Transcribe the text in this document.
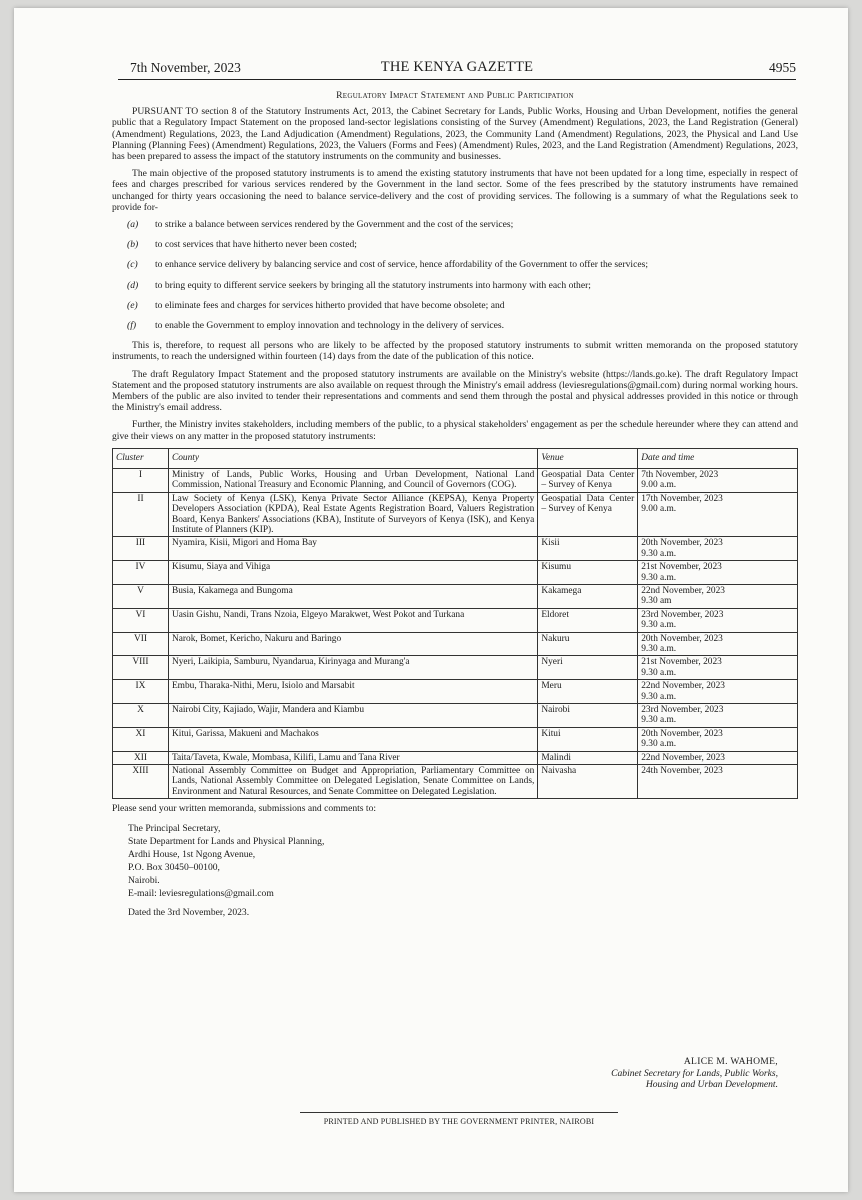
7th November, 2023	THE KENYA GAZETTE	4955
Regulatory Impact Statement and Public Participation

PURSUANT TO section 8 of the Statutory Instruments Act, 2013, the Cabinet Secretary for Lands, Public Works, Housing and Urban Development, notifies the general public that a Regulatory Impact Statement on the proposed land-sector legislations consisting of the Survey (Amendment) Regulations, 2023, the Land Registration (General) (Amendment) Regulations, 2023, the Land Adjudication (Amendment) Regulations, 2023, the Community Land (Amendment) Regulations, 2023, the Physical and Land Use Planning (Planning Fees) (Amendment) Regulations, 2023, the Valuers (Forms and Fees) (Amendment) Rules, 2023, and the Land Registration (Amendment) Regulations, 2023, has been prepared to assess the impact of the statutory instruments on the community and businesses.

The main objective of the proposed statutory instruments is to amend the existing statutory instruments that have not been updated for a long time, especially in respect of fees and charges prescribed for various services rendered by the Government in the land sector. Some of the fees prescribed by the statutory instruments have remained unchanged for thirty years occasioning the need to balance service-delivery and the cost of providing services. The following is a summary of what the Regulations seek to provide for-

(a) to strike a balance between services rendered by the Government and the cost of the services;
(b) to cost services that have hitherto never been costed;
(c) to enhance service delivery by balancing service and cost of service, hence affordability of the Government to offer the services;
(d) to bring equity to different service seekers by bringing all the statutory instruments into harmony with each other;
(e) to eliminate fees and charges for services hitherto provided that have become obsolete; and
(f) to enable the Government to employ innovation and technology in the delivery of services.

This is, therefore, to request all persons who are likely to be affected by the proposed statutory instruments to submit written memoranda on the proposed statutory instruments, to reach the undersigned within fourteen (14) days from the date of the publication of this notice.

The draft Regulatory Impact Statement and the proposed statutory instruments are available on the Ministry's website (https://lands.go.ke). The draft Regulatory Impact Statement and the proposed statutory instruments are also available on request through the Ministry's email address (leviesregulations@gmail.com) during normal working hours. Members of the public are also invited to tender their representations and comments and send them through the postal and physical addresses provided in this notice or through the Ministry's email address.

Further, the Ministry invites stakeholders, including members of the public, to a physical stakeholders' engagement as per the schedule hereunder where they can attend and give their views on any matter in the proposed statutory instruments:

Cluster	County	Venue	Date and time
I	Ministry of Lands, Public Works, Housing and Urban Development, National Land Commission, National Treasury and Economic Planning, and Council of Governors (COG).	Geospatial Data Center – Survey of Kenya	7th November, 2023
9.00 a.m.

II	Law Society of Kenya (LSK), Kenya Private Sector Alliance (KEPSA), Kenya Property Developers Association (KPDA), Real Estate Agents Registration Board, Valuers Registration Board, Kenya Bankers' Associations (KBA), Institute of Surveyors of Kenya (ISK), and Kenya Institute of Planners (KIP).	Geospatial Data Center – Survey of Kenya	17th November, 2023
9.00 a.m.

III	Nyamira, Kisii, Migori and Homa Bay	Kisii	20th November, 2023
9.30 a.m.

IV	Kisumu, Siaya and Vihiga	Kisumu	21st November, 2023
9.30 a.m.

V	Busia, Kakamega and Bungoma	Kakamega	22nd November, 2023
9.30 am

VI	Uasin Gishu, Nandi, Trans Nzoia, Elgeyo Marakwet, West Pokot and Turkana	Eldoret	23rd November, 2023
9.30 a.m.

VII	Narok, Bomet, Kericho, Nakuru and Baringo	Nakuru	20th November, 2023
9.30 a.m.

VIII	Nyeri, Laikipia, Samburu, Nyandarua, Kirinyaga and Murang'a	Nyeri	21st November, 2023
9.30 a.m.

IX	Embu, Tharaka-Nithi, Meru, Isiolo and Marsabit	Meru	22nd November, 2023
9.30 a.m.

X	Nairobi City, Kajiado, Wajir, Mandera and Kiambu	Nairobi	23rd November, 2023
9.30 a.m.

XI	Kitui, Garissa, Makueni and Machakos	Kitui	20th November, 2023
9.30 a.m.

XII	Taita/Taveta, Kwale, Mombasa, Kilifi, Lamu and Tana River	Malindi	22nd November, 2023

XIII	National Assembly Committee on Budget and Appropriation, Parliamentary Committee on Lands, National Assembly Committee on Delegated Legislation, Senate Committee on Lands, Environment and Natural Resources, and Senate Committee on Delegated Legislation.	Naivasha	24th November, 2023
Please send your written memoranda, submissions and comments to:
The Principal Secretary,
State Department for Lands and Physical Planning,
Ardhi House, 1st Ngong Avenue,
P.O. Box 30450–00100,
Nairobi.
E-mail: leviesregulations@gmail.com
Dated the 3rd November, 2023.
ALICE M. WAHOME,
Cabinet Secretary for Lands, Public Works,
Housing and Urban Development.
PRINTED AND PUBLISHED BY THE GOVERNMENT PRINTER, NAIROBI
